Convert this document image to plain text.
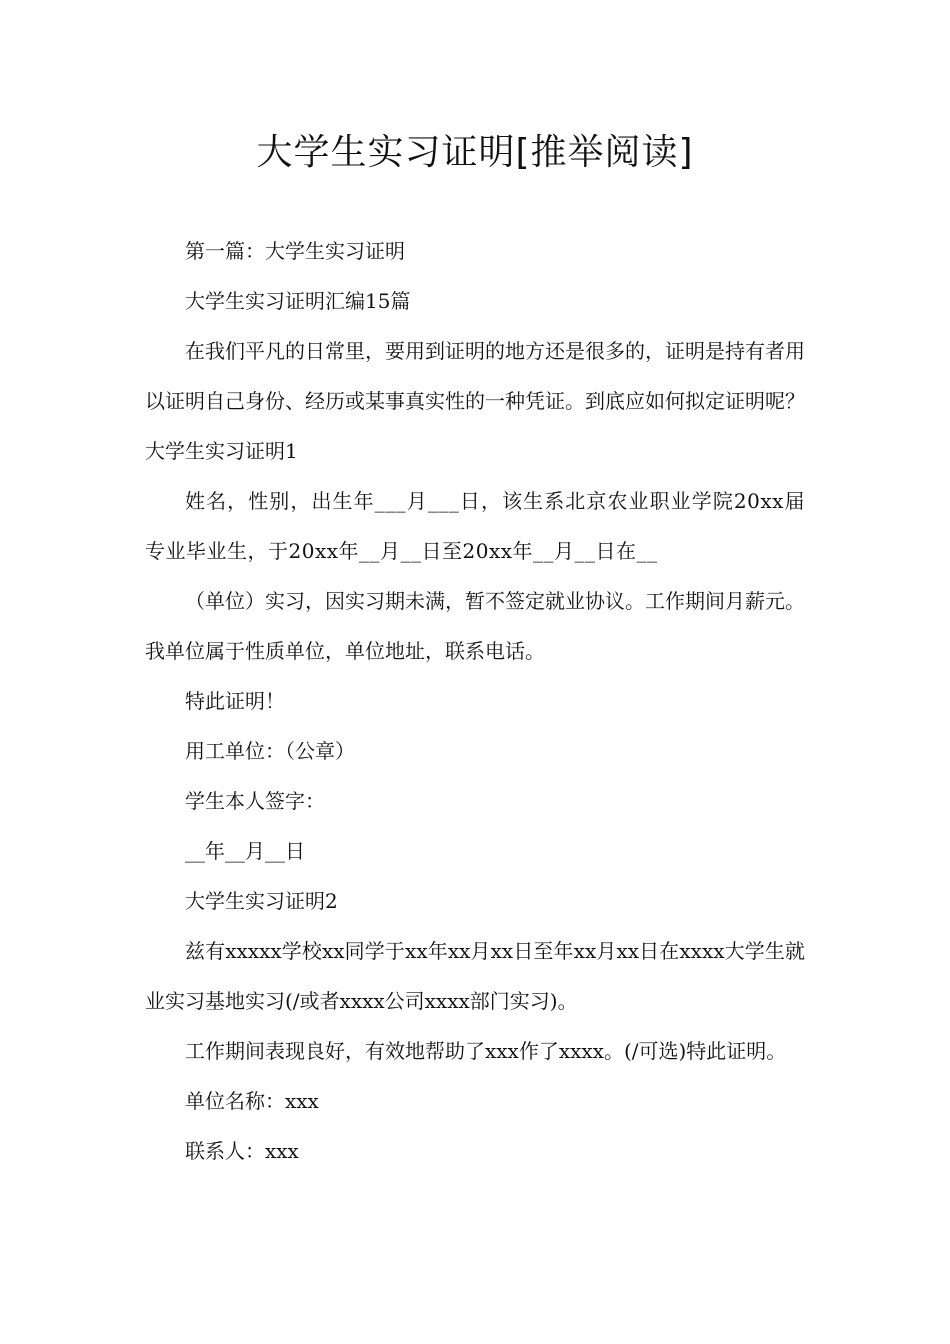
大学生实习证明[推举阅读]

第一篇：大学生实习证明

大学生实习证明汇编15篇

在我们平凡的日常里，要用到证明的地方还是很多的，证明是持有者用以证明自己身份、经历或某事真实性的一种凭证。到底应如何拟定证明呢？大学生实习证明1

姓名，性别，出生年___月___日，该生系北京农业职业学院20xx届专业毕业生，于20xx年__月__日至20xx年__月__日在__

（单位）实习，因实习期未满，暂不签定就业协议。工作期间月薪元。我单位属于性质单位，单位地址，联系电话。

特此证明！

用工单位：（公章）

学生本人签字：

__年__月__日

大学生实习证明2

兹有xxxxx学校xx同学于xx年xx月xx日至年xx月xx日在xxxx大学生就业实习基地实习(/或者xxxx公司xxxx部门实习)。

工作期间表现良好，有效地帮助了xxx作了xxxx。(/可选)特此证明。

单位名称：xxx

联系人：xxx
